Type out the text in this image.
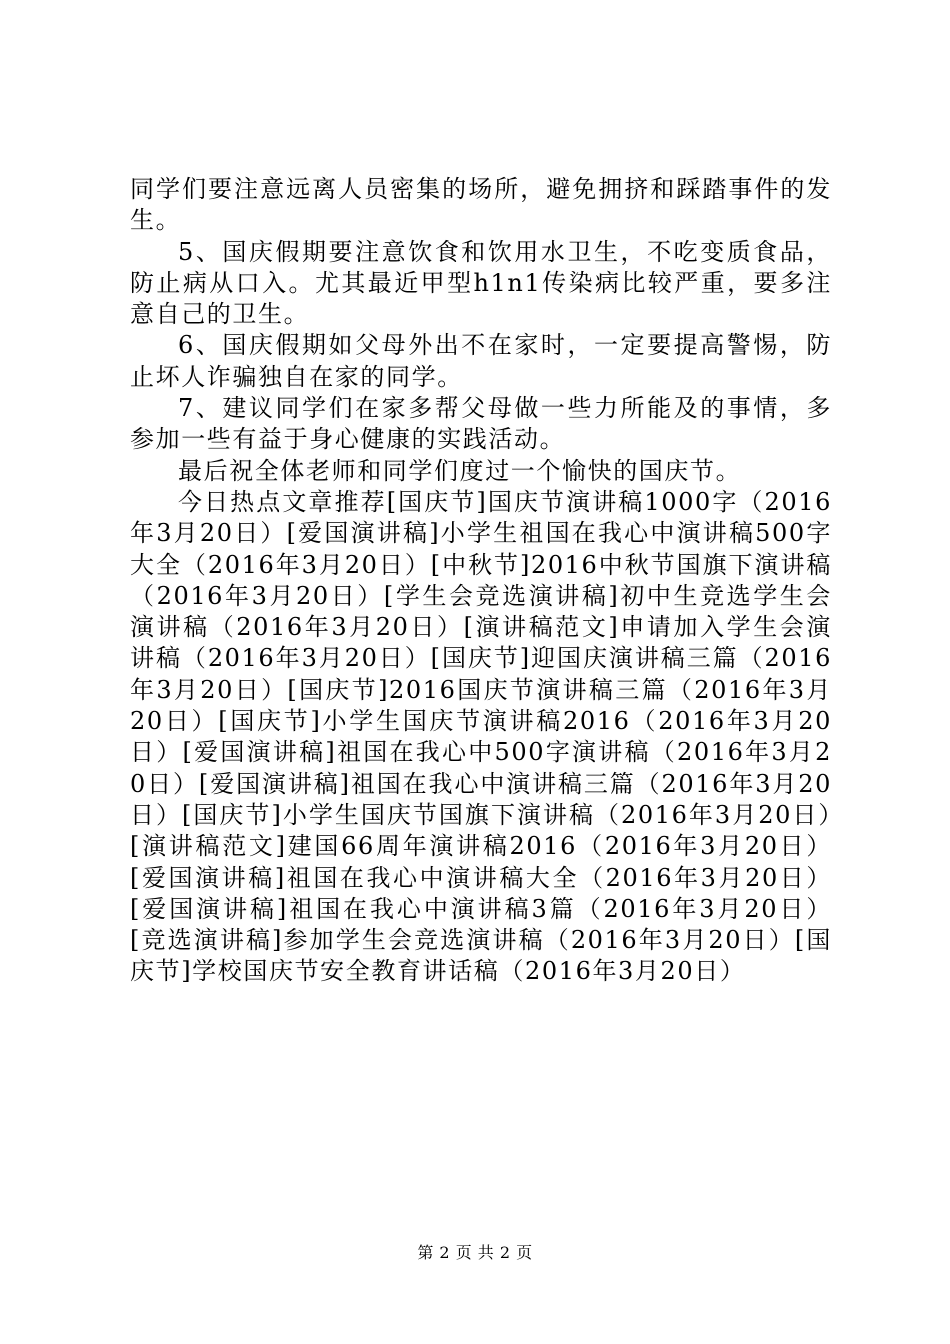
同学们要注意远离人员密集的场所，避免拥挤和踩踏事件的发生。

5、国庆假期要注意饮食和饮用水卫生，不吃变质食品，防止病从口入。尤其最近甲型h1n1传染病比较严重，要多注意自己的卫生。

6、国庆假期如父母外出不在家时，一定要提高警惕，防止坏人诈骗独自在家的同学。

7、建议同学们在家多帮父母做一些力所能及的事情，多参加一些有益于身心健康的实践活动。

最后祝全体老师和同学们度过一个愉快的国庆节。

今日热点文章推荐[国庆节]国庆节演讲稿1000字（2016年3月20日）[爱国演讲稿]小学生祖国在我心中演讲稿500字大全（2016年3月20日）[中秋节]2016中秋节国旗下演讲稿（2016年3月20日）[学生会竞选演讲稿]初中生竞选学生会演讲稿（2016年3月20日）[演讲稿范文]申请加入学生会演讲稿（2016年3月20日）[国庆节]迎国庆演讲稿三篇（2016年3月20日）[国庆节]2016国庆节演讲稿三篇（2016年3月20日）[国庆节]小学生国庆节演讲稿2016（2016年3月20日）[爱国演讲稿]祖国在我心中500字演讲稿（2016年3月20日）[爱国演讲稿]祖国在我心中演讲稿三篇（2016年3月20日）[国庆节]小学生国庆节国旗下演讲稿（2016年3月20日）[演讲稿范文]建国66周年演讲稿2016（2016年3月20日）[爱国演讲稿]祖国在我心中演讲稿大全（2016年3月20日）[爱国演讲稿]祖国在我心中演讲稿3篇（2016年3月20日）[竞选演讲稿]参加学生会竞选演讲稿（2016年3月20日）[国庆节]学校国庆节安全教育讲话稿（2016年3月20日）

第 2 页 共 2 页
